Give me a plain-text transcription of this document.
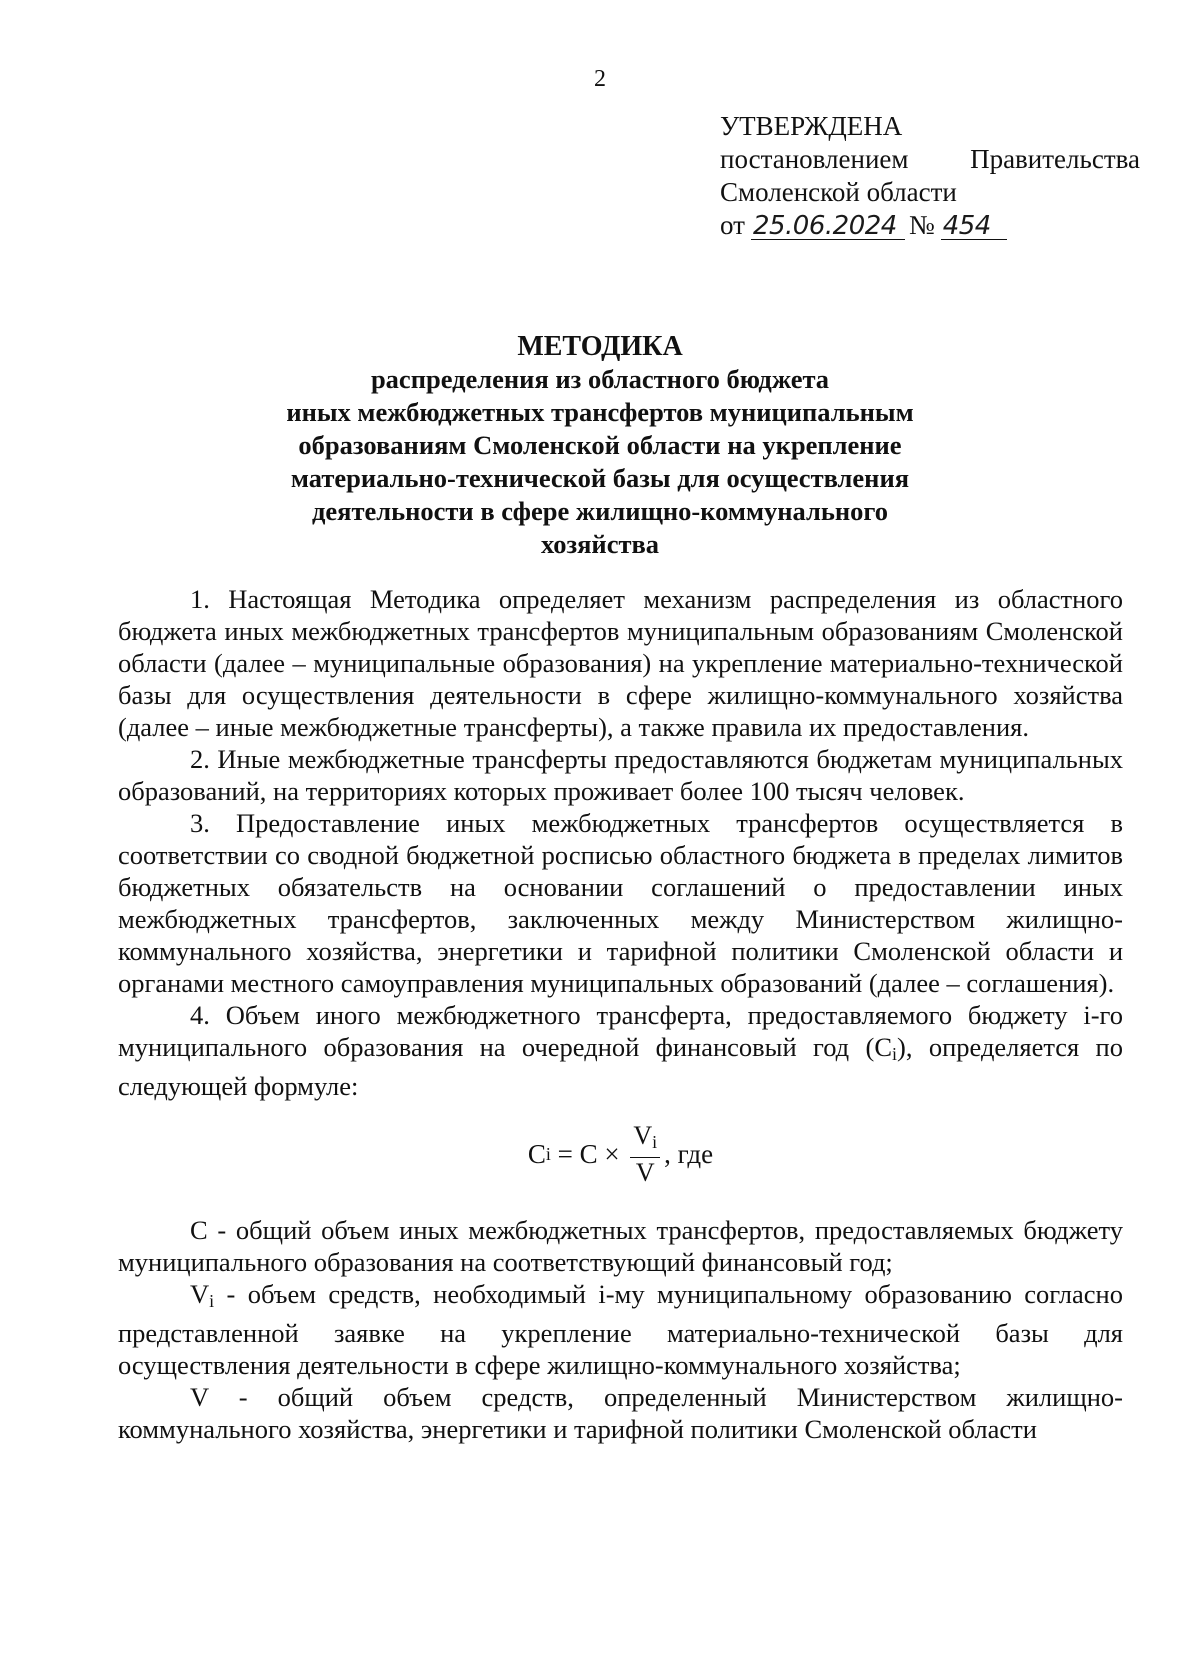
2
УТВЕРЖДЕНА
постановлением Правительства
Смоленской области
от 25.06.2024 № 454
МЕТОДИКА
распределения из областного бюджета
иных межбюджетных трансфертов муниципальным
образованиям Смоленской области на укрепление
материально-технической базы для осуществления
деятельности в сфере жилищно-коммунального
хозяйства

1. Настоящая Методика определяет механизм распределения из областного бюджета иных межбюджетных трансфертов муниципальным образованиям Смоленской области (далее – муниципальные образования) на укрепление материально-технической базы для осуществления деятельности в сфере жилищно-коммунального хозяйства (далее – иные межбюджетные трансферты), а также правила их предоставления.

2. Иные межбюджетные трансферты предоставляются бюджетам муниципальных образований, на территориях которых проживает более 100 тысяч человек.

3. Предоставление иных межбюджетных трансфертов осуществляется в соответствии со сводной бюджетной росписью областного бюджета в пределах лимитов бюджетных обязательств на основании соглашений о предоставлении иных межбюджетных трансфертов, заключенных между Министерством жилищно-коммунального хозяйства, энергетики и тарифной политики Смоленской области и органами местного самоуправления муниципальных образований (далее – соглашения).

4. Объем иного межбюджетного трансферта, предоставляемого бюджету i-го муниципального образования на очередной финансовый год $(C_i)$, определяется по следующей формуле:

C $i = C \times \frac{V_i}{V}$ , где

C - общий объем иных межбюджетных трансфертов, предоставляемых бюджету муниципального образования на соответствующий финансовый год;

$V_i$ - объем средств, необходимый i-му муниципальному образованию согласно представленной заявке на укрепление материально-технической базы для осуществления деятельности в сфере жилищно-коммунального хозяйства;

V - общий объем средств, определенный Министерством жилищно-коммунального хозяйства, энергетики и тарифной политики Смоленской области
